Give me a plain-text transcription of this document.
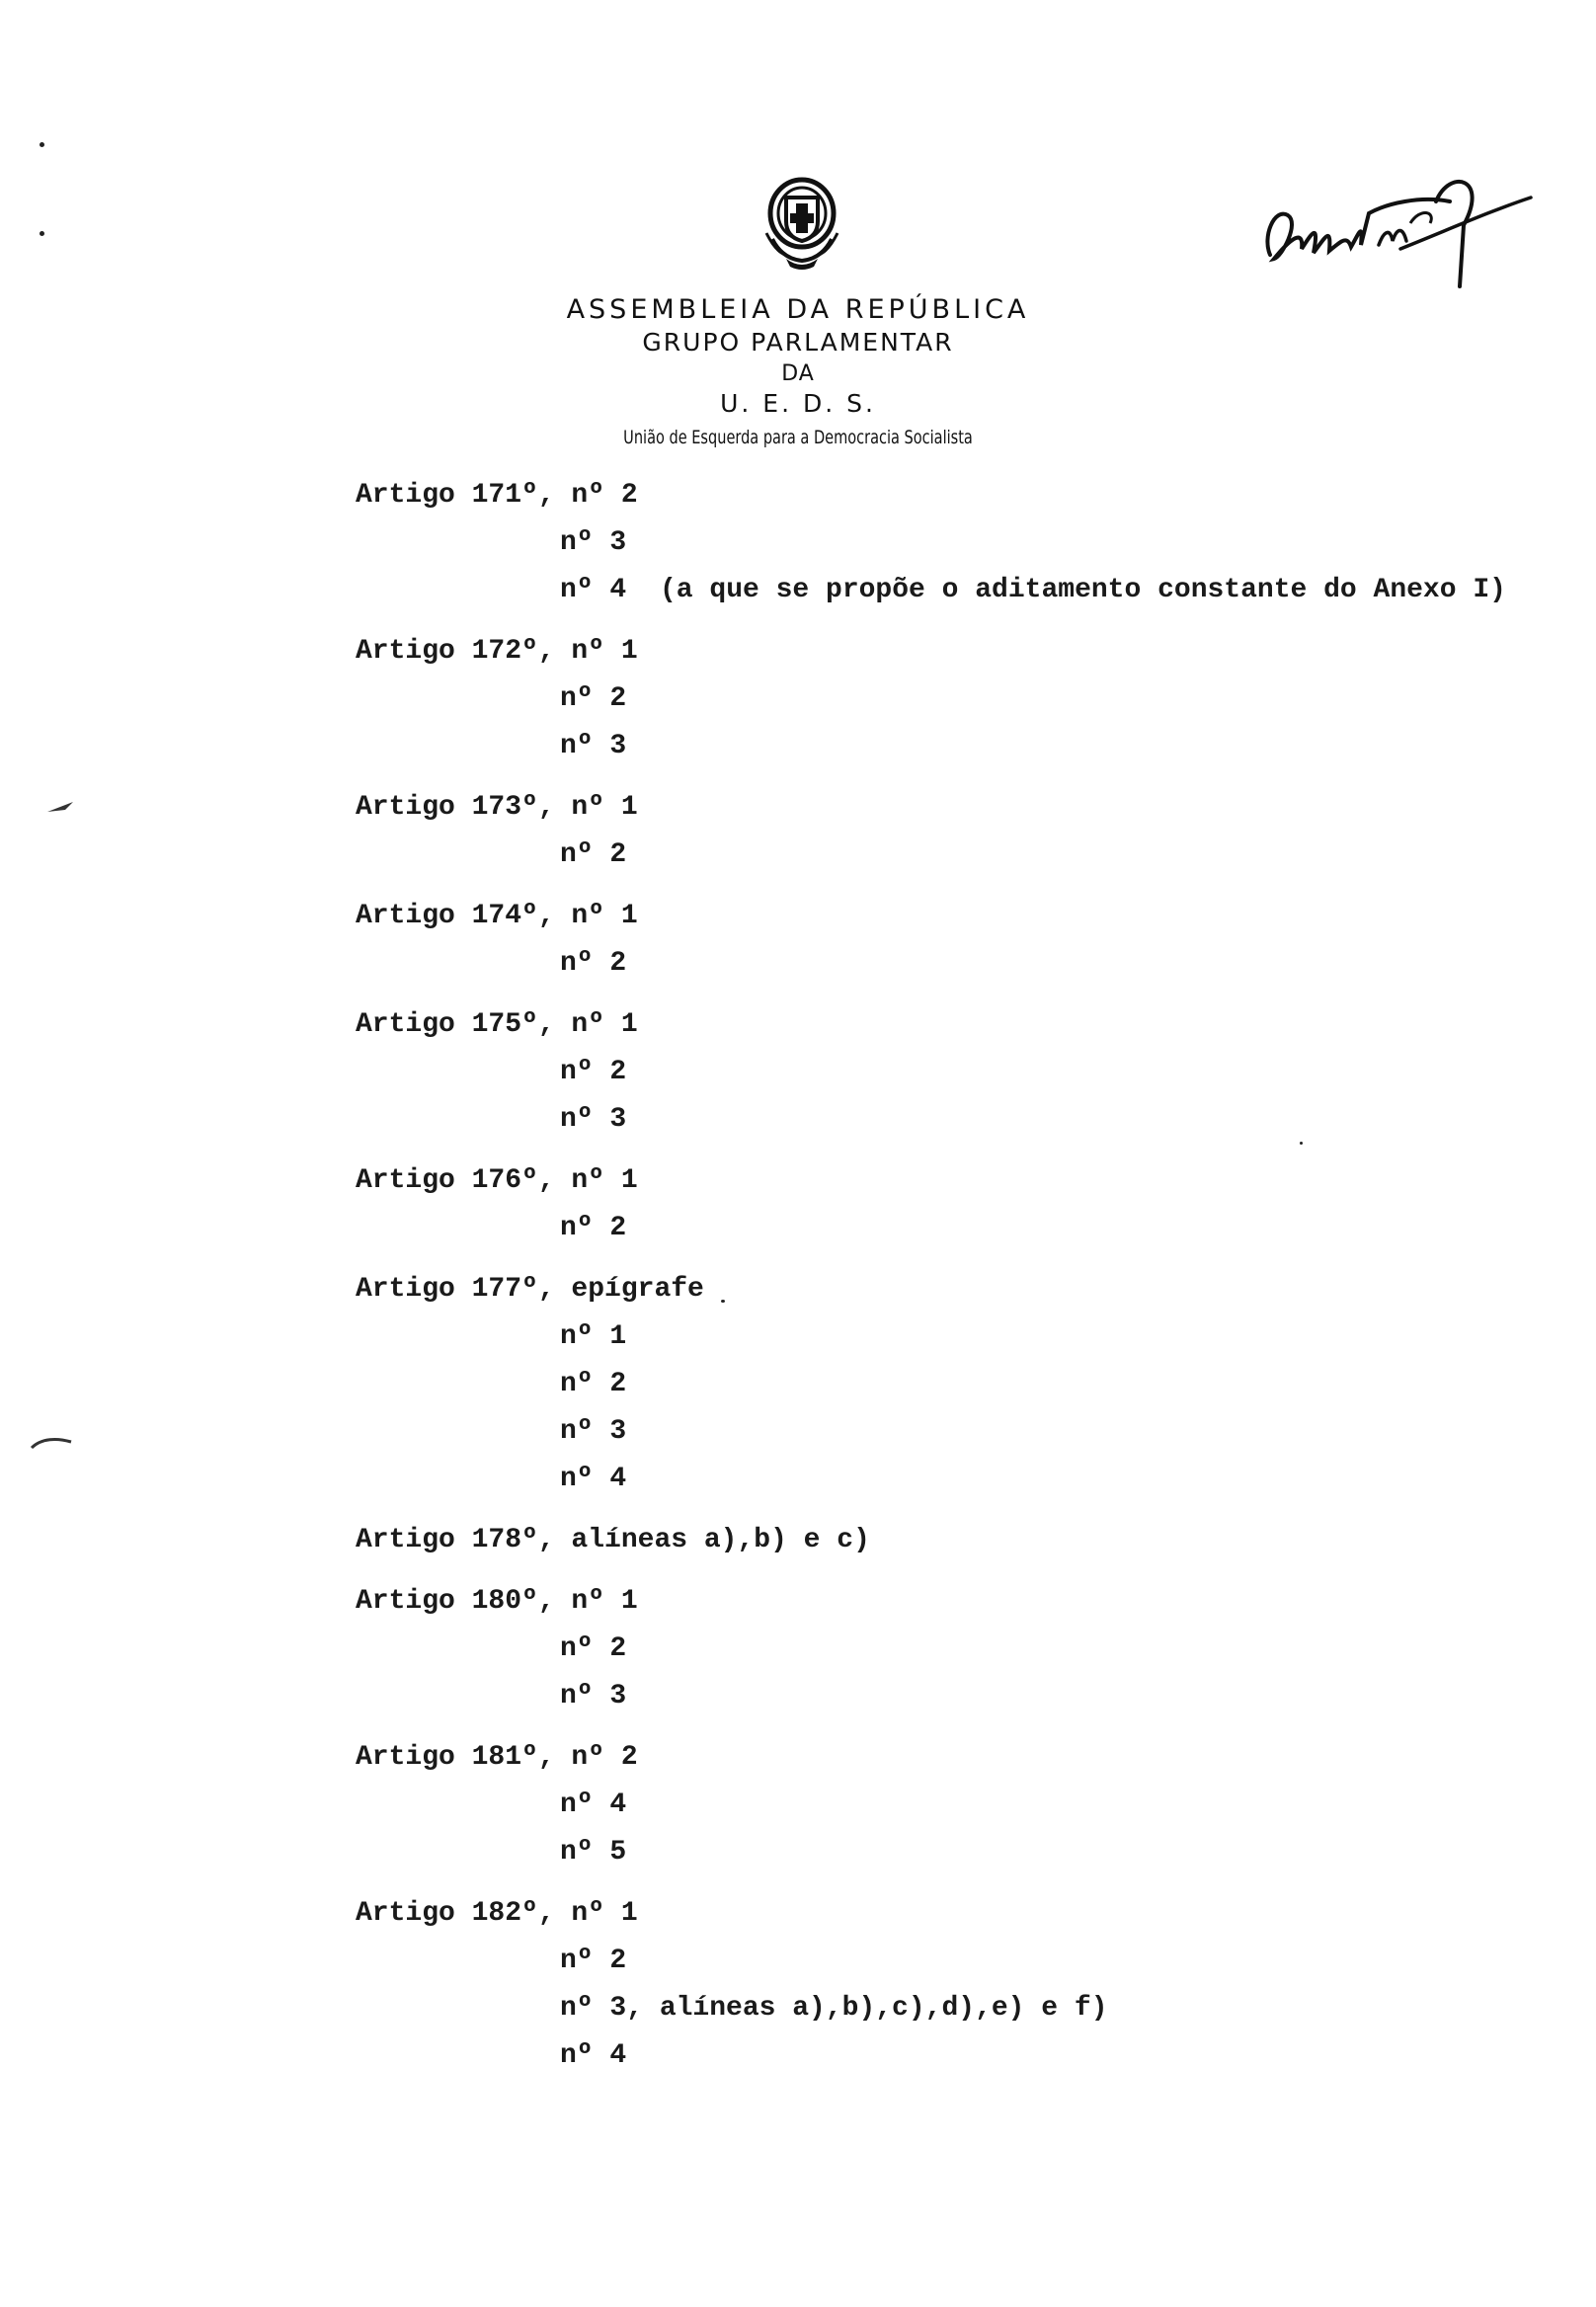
ASSEMBLEIA DA REPÚBLICA
GRUPO PARLAMENTAR
DA
U. E. D. S.
União de Esquerda para a Democracia Socialista
Artigo 171º, nº 2
nº 3
nº 4 (a que se propõe o aditamento constante do Anexo I)
Artigo 172º, nº 1
nº 2
nº 3
Artigo 173º, nº 1
nº 2
Artigo 174º, nº 1
nº 2
Artigo 175º, nº 1
nº 2
nº 3
Artigo 176º, nº 1
nº 2
Artigo 177º, epígrafe
nº 1
nº 2
nº 3
nº 4
Artigo 178º, alíneas a),b) e c)
Artigo 180º, nº 1
nº 2
nº 3
Artigo 181º, nº 2
nº 4
nº 5
Artigo 182º, nº 1
nº 2
nº 3, alíneas a),b),c),d),e) e f)
nº 4
